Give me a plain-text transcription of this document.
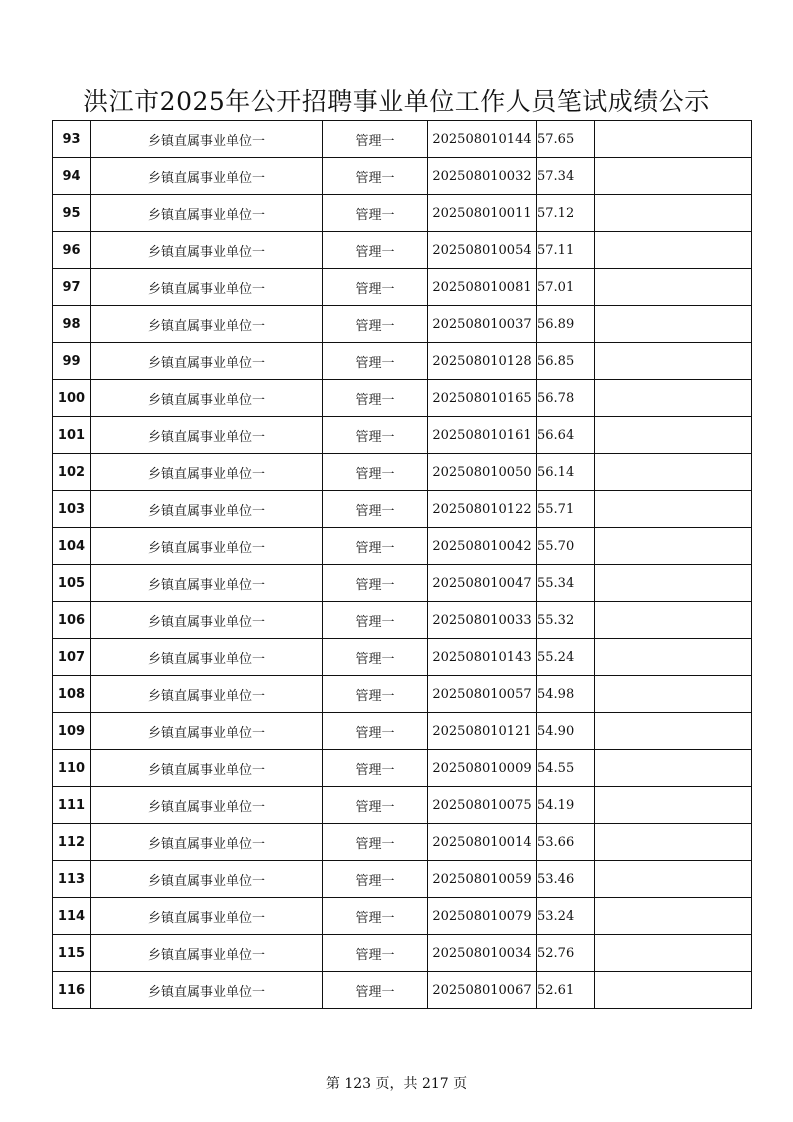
洪江市2025年公开招聘事业单位工作人员笔试成绩公示
93	乡镇直属事业单位一	管理一	202508010144	57.65	
94	乡镇直属事业单位一	管理一	202508010032	57.34	
95	乡镇直属事业单位一	管理一	202508010011	57.12	
96	乡镇直属事业单位一	管理一	202508010054	57.11	
97	乡镇直属事业单位一	管理一	202508010081	57.01	
98	乡镇直属事业单位一	管理一	202508010037	56.89	
99	乡镇直属事业单位一	管理一	202508010128	56.85	
100	乡镇直属事业单位一	管理一	202508010165	56.78	
101	乡镇直属事业单位一	管理一	202508010161	56.64	
102	乡镇直属事业单位一	管理一	202508010050	56.14	
103	乡镇直属事业单位一	管理一	202508010122	55.71	
104	乡镇直属事业单位一	管理一	202508010042	55.70	
105	乡镇直属事业单位一	管理一	202508010047	55.34	
106	乡镇直属事业单位一	管理一	202508010033	55.32	
107	乡镇直属事业单位一	管理一	202508010143	55.24	
108	乡镇直属事业单位一	管理一	202508010057	54.98	
109	乡镇直属事业单位一	管理一	202508010121	54.90	
110	乡镇直属事业单位一	管理一	202508010009	54.55	
111	乡镇直属事业单位一	管理一	202508010075	54.19	
112	乡镇直属事业单位一	管理一	202508010014	53.66	
113	乡镇直属事业单位一	管理一	202508010059	53.46	
114	乡镇直属事业单位一	管理一	202508010079	53.24	
115	乡镇直属事业单位一	管理一	202508010034	52.76	
116	乡镇直属事业单位一	管理一	202508010067	52.61	
第 123 页，共 217 页
